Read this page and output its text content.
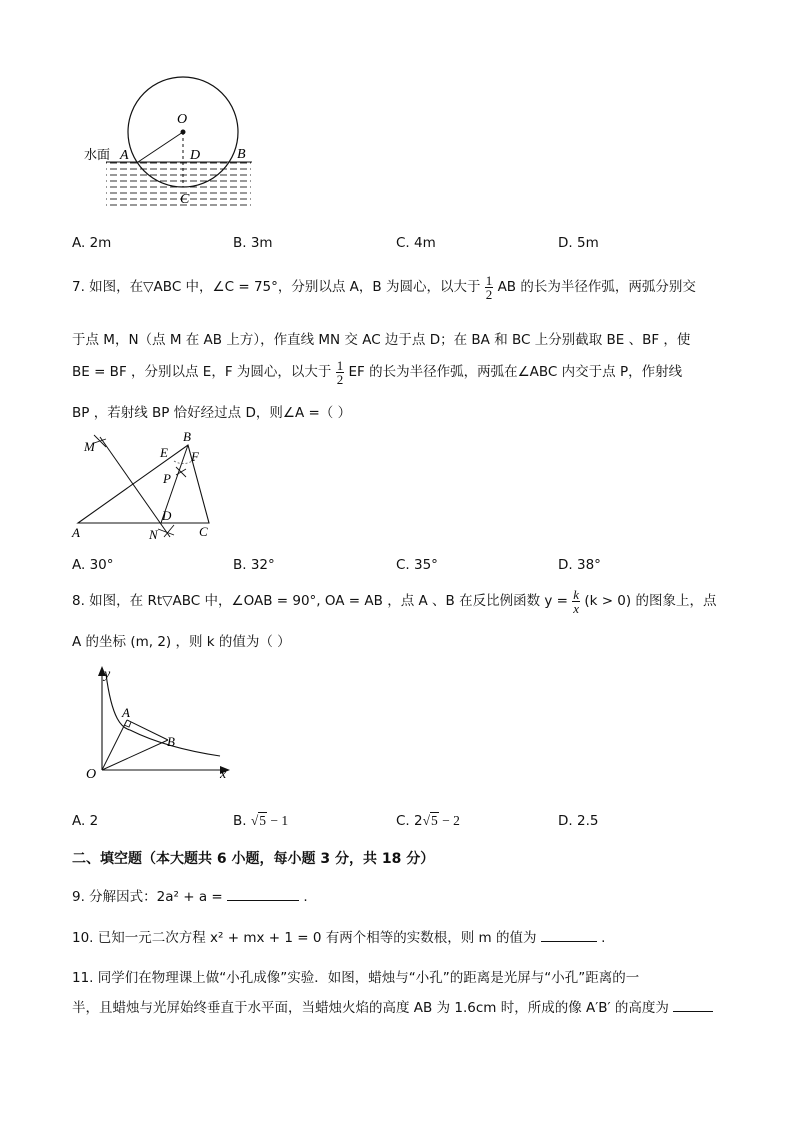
O
A	D	B
C
水面
A. 2m	B. 3m	C. 4m	D. 5m
7. 如图，在▽ABC 中，∠C = 75°，分别以点 A，B 为圆心，以大于 $\frac{1}{2}$ AB 的长为半径作弧，两弧分别交
于点 M，N（点 M 在 AB 上方），作直线 MN 交 AC 边于点 D；在 BA 和 BC 上分别截取 BE 、BF ，使
BE = BF ，分别以点 E，F 为圆心，以大于 $\frac{1}{2}$ EF 的长为半径作弧，两弧在∠ABC 内交于点 P，作射线
BP ，若射线 BP 恰好经过点 D，则∠A =（ ）
M
B
E F
P
D
A	N	C
A. 30°	B. 32°	C. 35°	D. 38°
8. 如图，在 Rt▽ABC 中，∠OAB = 90°, OA = AB ，点 A 、B 在反比例函数 $y = \frac{k}{x} (k > 0)$ 的图象上，点
A 的坐标 (m, 2) ，则 k 的值为（ ）
y
x
O
A
B
A. 2	B. √5 − 1	C. 2√5 − 2	D. 2.5
二、填空题（本大题共 6 小题，每小题 3 分，共 18 分）
9. 分解因式：2a² + a =	.
10. 已知一元二次方程 x² + mx + 1 = 0 有两个相等的实数根，则 m 的值为	.
11. 同学们在物理课上做“小孔成像”实验．如图，蜡烛与“小孔”的距离是光屏与“小孔”距离的一
半，且蜡烛与光屏始终垂直于水平面，当蜡烛火焰的高度 AB 为 1.6cm 时，所成的像 A′B′ 的高度为
